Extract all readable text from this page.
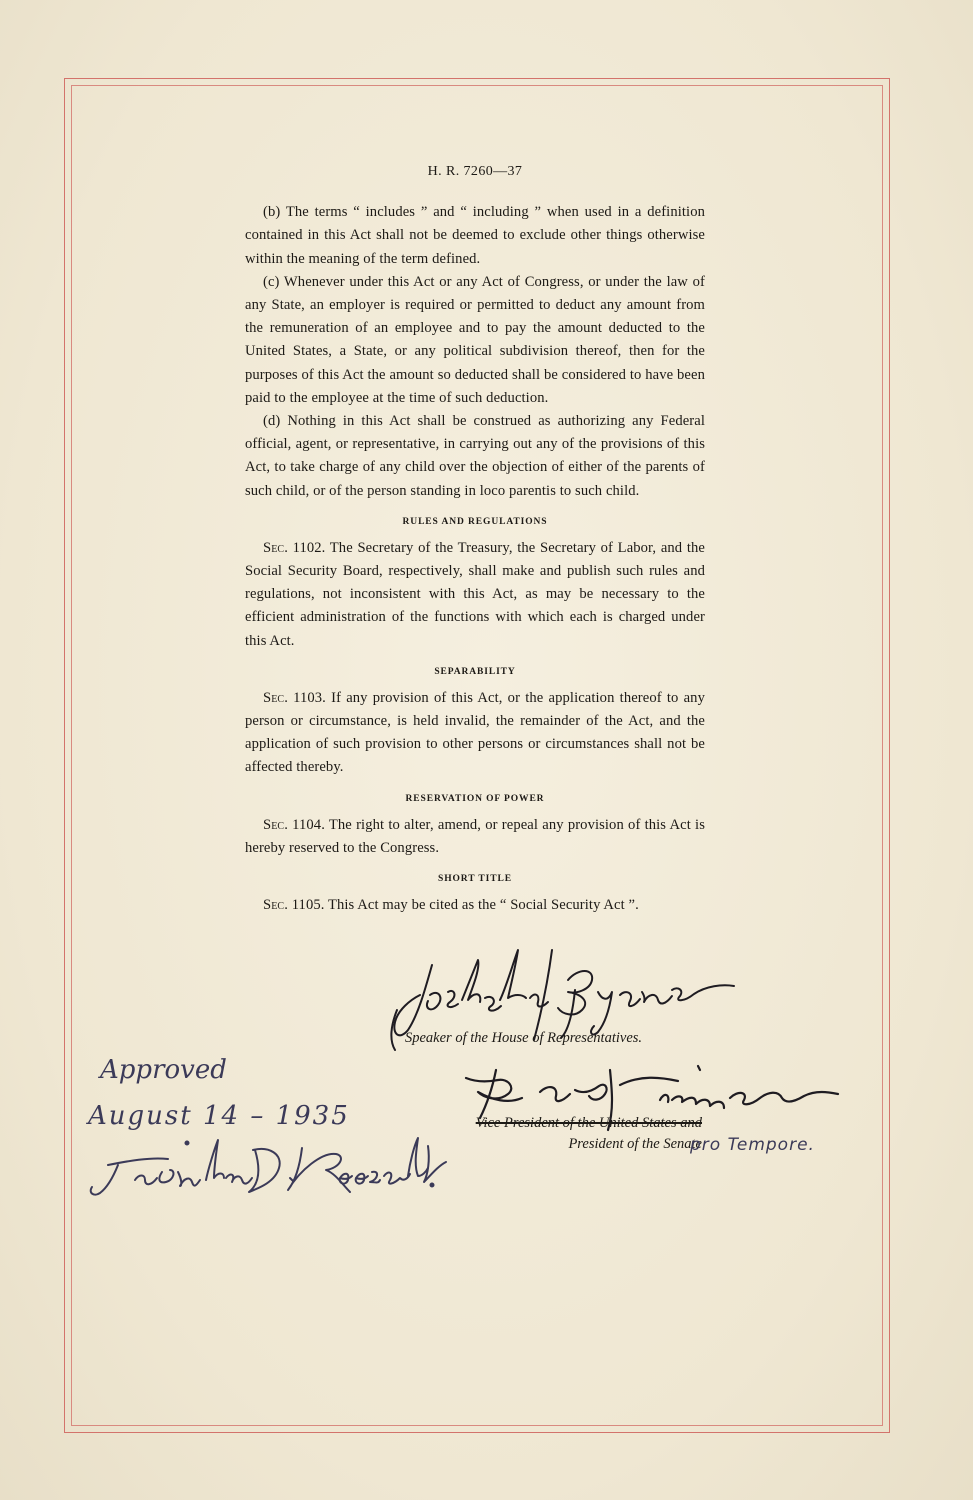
H. R. 7260—37

(b) The terms “ includes ” and “ including ” when used in a definition contained in this Act shall not be deemed to exclude other things otherwise within the meaning of the term defined.

(c) Whenever under this Act or any Act of Congress, or under the law of any State, an employer is required or permitted to deduct any amount from the remuneration of an employee and to pay the amount deducted to the United States, a State, or any political subdivision thereof, then for the purposes of this Act the amount so deducted shall be considered to have been paid to the employee at the time of such deduction.

(d) Nothing in this Act shall be construed as authorizing any Federal official, agent, or representative, in carrying out any of the provisions of this Act, to take charge of any child over the objection of either of the parents of such child, or of the person standing in loco parentis to such child.

RULES AND REGULATIONS

Sec. 1102. The Secretary of the Treasury, the Secretary of Labor, and the Social Security Board, respectively, shall make and publish such rules and regulations, not inconsistent with this Act, as may be necessary to the efficient administration of the functions with which each is charged under this Act.

SEPARABILITY

Sec. 1103. If any provision of this Act, or the application thereof to any person or circumstance, is held invalid, the remainder of the Act, and the application of such provision to other persons or circumstances shall not be affected thereby.

RESERVATION OF POWER

Sec. 1104. The right to alter, amend, or repeal any provision of this Act is hereby reserved to the Congress.

SHORT TITLE

Sec. 1105. This Act may be cited as the “ Social Security Act ”.

Approved
August 14 – 1935
Speaker of the House of Representatives.
Vice President of the United States and
President of the Senate
pro Tempore.
